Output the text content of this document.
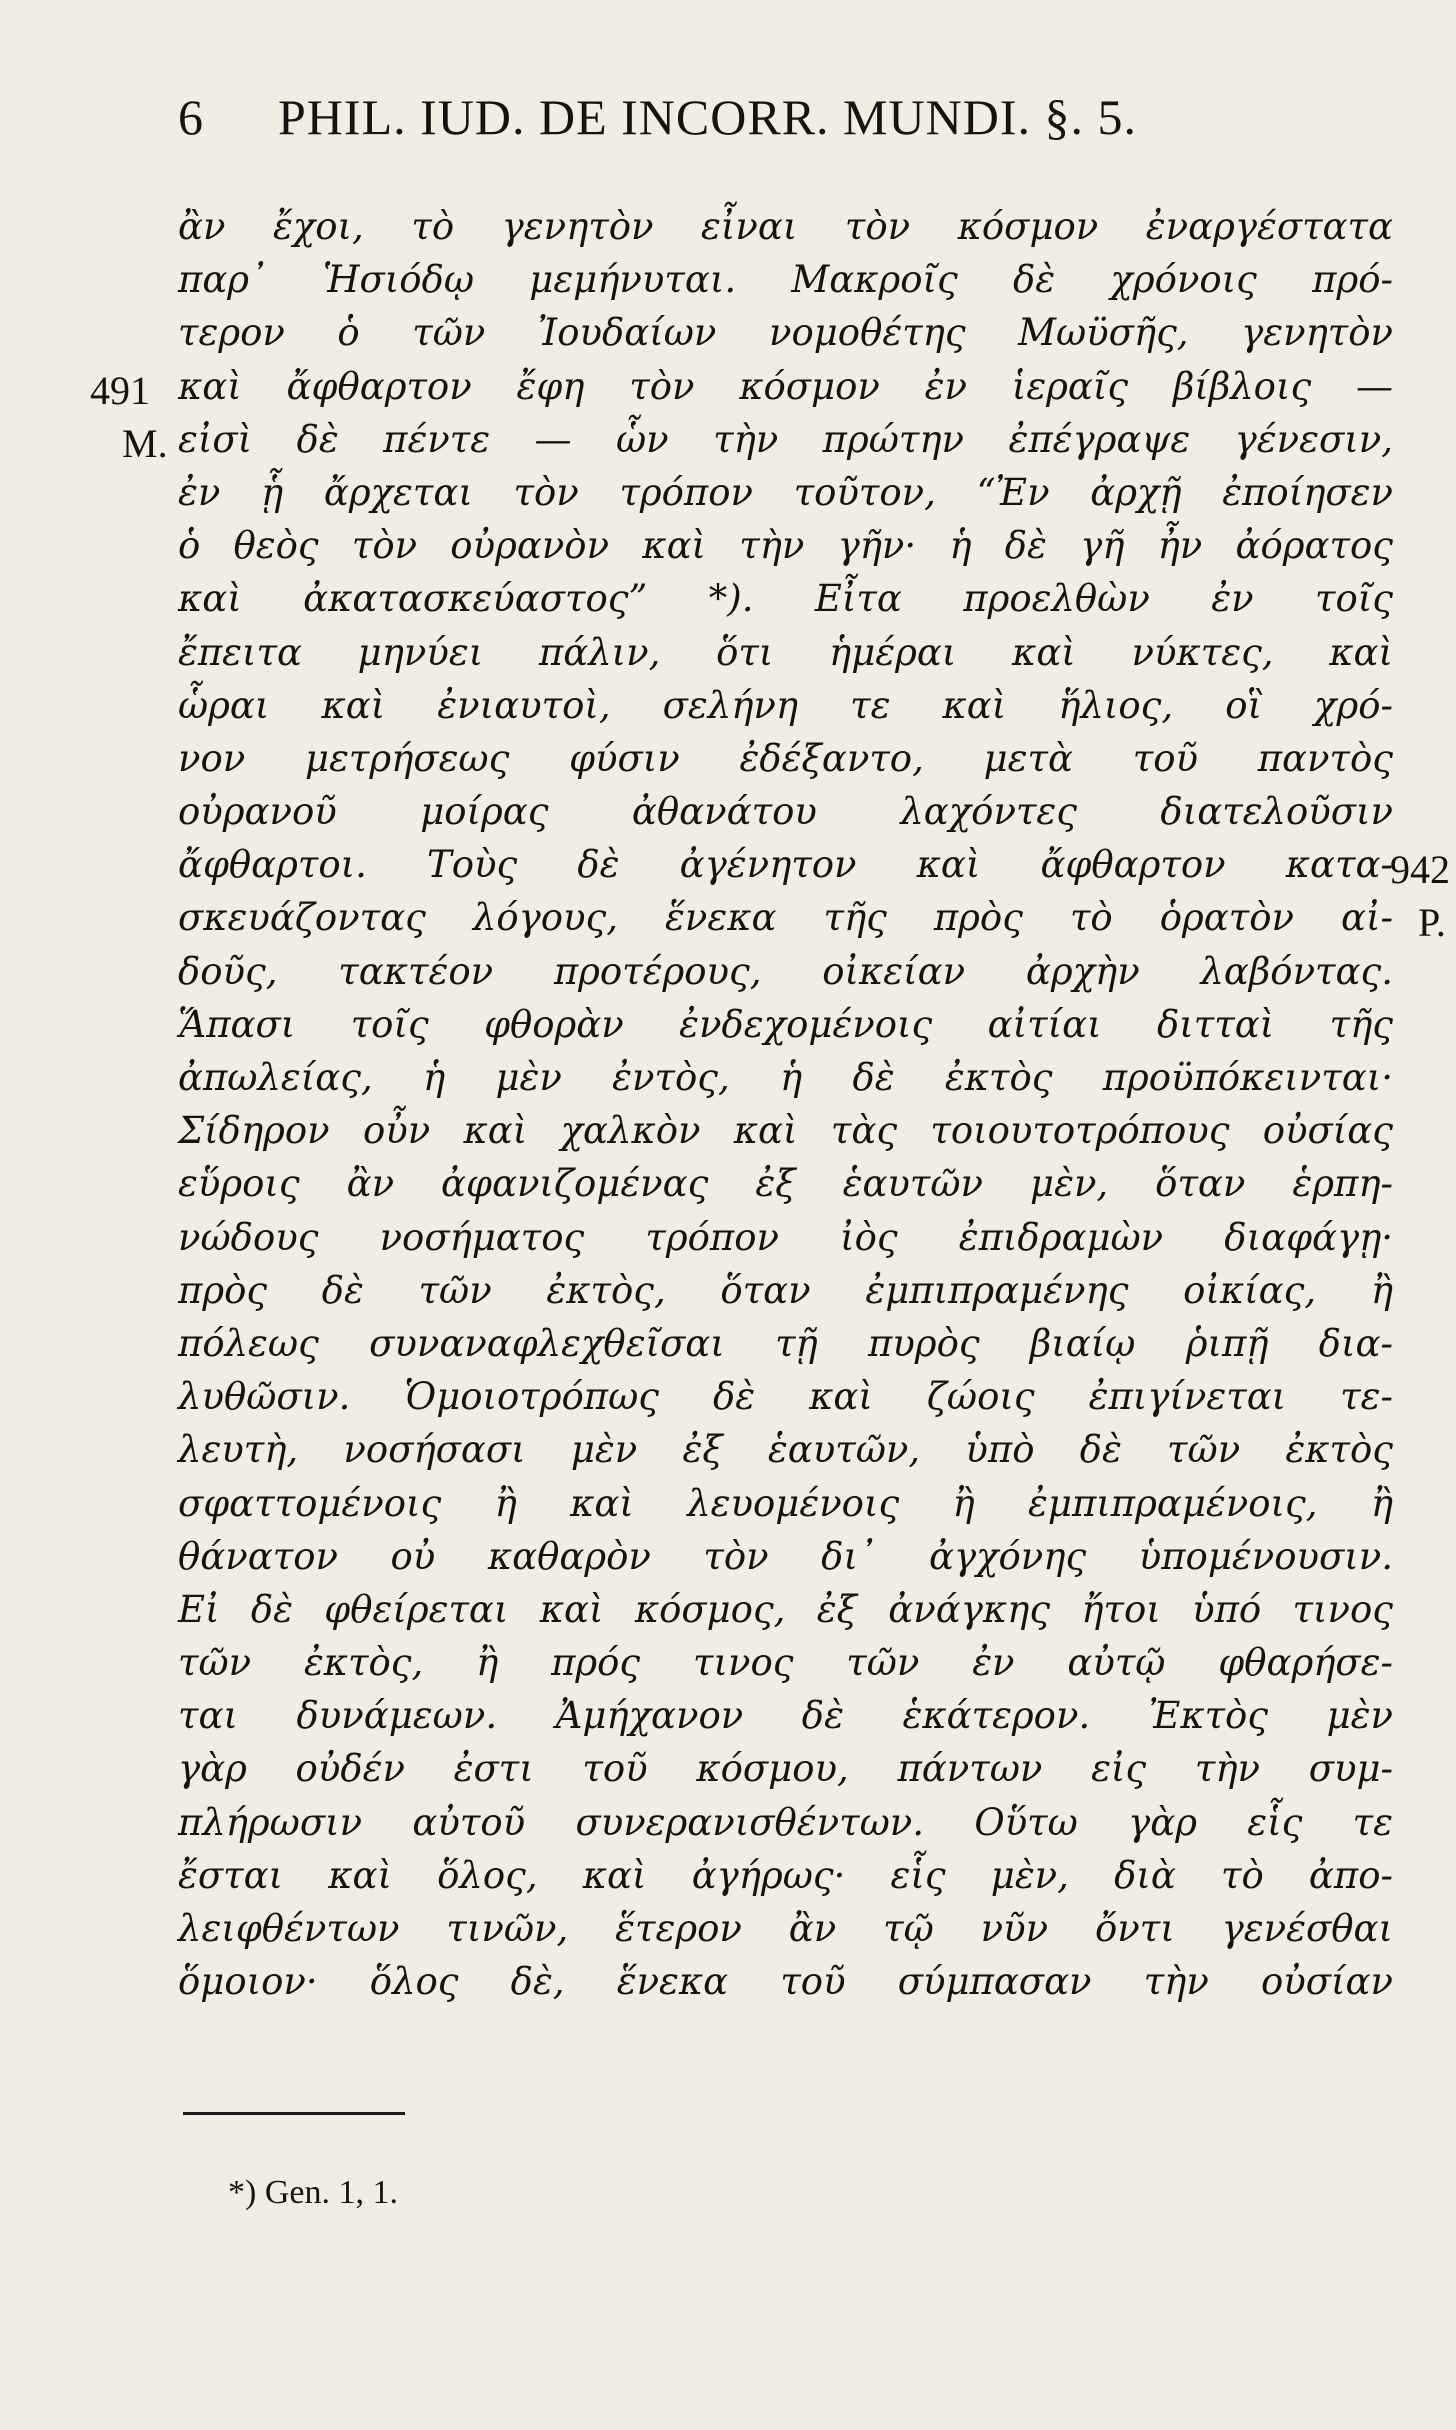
6 PHIL. IUD. DE INCORR. MUNDI. §. 5.
ἂν ἔχοι, τὸ γενητὸν εἶναι τὸν κόσμον ἐναργέστατα
παρ᾽ Ἡσιόδῳ μεμήνυται. Μακροῖς δὲ χρόνοις πρό-
τερον ὁ τῶν Ἰουδαίων νομοθέτης Μωϋσῆς, γενητὸν
καὶ ἄφθαρτον ἔφη τὸν κόσμον ἐν ἱεραῖς βίβλοις —
εἰσὶ δὲ πέντε — ὧν τὴν πρώτην ἐπέγραψε γένεσιν,
ἐν ᾗ ἄρχεται τὸν τρόπον τοῦτον, “Ἐν ἀρχῇ ἐποίησεν
ὁ θεὸς τὸν οὐρανὸν καὶ τὴν γῆν· ἡ δὲ γῆ ἦν ἀόρατος
καὶ ἀκατασκεύαστος” *). Εἶτα προελθὼν ἐν τοῖς
ἔπειτα μηνύει πάλιν, ὅτι ἡμέραι καὶ νύκτες, καὶ
ὧραι καὶ ἐνιαυτοὶ, σελήνη τε καὶ ἥλιος, οἳ χρό-
νον μετρήσεως φύσιν ἐδέξαντο, μετὰ τοῦ παντὸς
οὐρανοῦ μοίρας ἀθανάτου λαχόντες διατελοῦσιν
ἄφθαρτοι. Τοὺς δὲ ἀγένητον καὶ ἄφθαρτον κατα-
σκευάζοντας λόγους, ἕνεκα τῆς πρὸς τὸ ὁρατὸν αἰ-
δοῦς, τακτέον προτέρους, οἰκείαν ἀρχὴν λαβόντας.
Ἅπασι τοῖς φθορὰν ἐνδεχομένοις αἰτίαι διτταὶ τῆς
ἀπωλείας, ἡ μὲν ἐντὸς, ἡ δὲ ἐκτὸς προϋπόκεινται·
Σίδηρον οὖν καὶ χαλκὸν καὶ τὰς τοιουτοτρόπους οὐσίας
εὕροις ἂν ἀφανιζομένας ἐξ ἑαυτῶν μὲν, ὅταν ἑρπη-
νώδους νοσήματος τρόπον ἰὸς ἐπιδραμὼν διαφάγῃ·
πρὸς δὲ τῶν ἐκτὸς, ὅταν ἐμπιπραμένης οἰκίας, ἢ
πόλεως συναναφλεχθεῖσαι τῇ πυρὸς βιαίῳ ῥιπῇ δια-
λυθῶσιν. Ὁμοιοτρόπως δὲ καὶ ζώοις ἐπιγίνεται τε-
λευτὴ, νοσήσασι μὲν ἐξ ἑαυτῶν, ὑπὸ δὲ τῶν ἐκτὸς
σφαττομένοις ἢ καὶ λευομένοις ἢ ἐμπιπραμένοις, ἢ
θάνατον οὐ καθαρὸν τὸν δι᾽ ἀγχόνης ὑπομένουσιν.
Εἰ δὲ φθείρεται καὶ κόσμος, ἐξ ἀνάγκης ἤτοι ὑπό τινος
τῶν ἐκτὸς, ἢ πρός τινος τῶν ἐν αὐτῷ φθαρήσε-
ται δυνάμεων. Ἀμήχανον δὲ ἑκάτερον. Ἐκτὸς μὲν
γὰρ οὐδέν ἐστι τοῦ κόσμου, πάντων εἰς τὴν συμ-
πλήρωσιν αὐτοῦ συνερανισθέντων. Οὕτω γὰρ εἷς τε
ἔσται καὶ ὅλος, καὶ ἀγήρως· εἷς μὲν, διὰ τὸ ἀπο-
λειφθέντων τινῶν, ἕτερον ἂν τῷ νῦν ὄντι γενέσθαι
ὅμοιον· ὅλος δὲ, ἕνεκα τοῦ σύμπασαν τὴν οὐσίαν
491
M.
942
P.
*) Gen. 1, 1.
